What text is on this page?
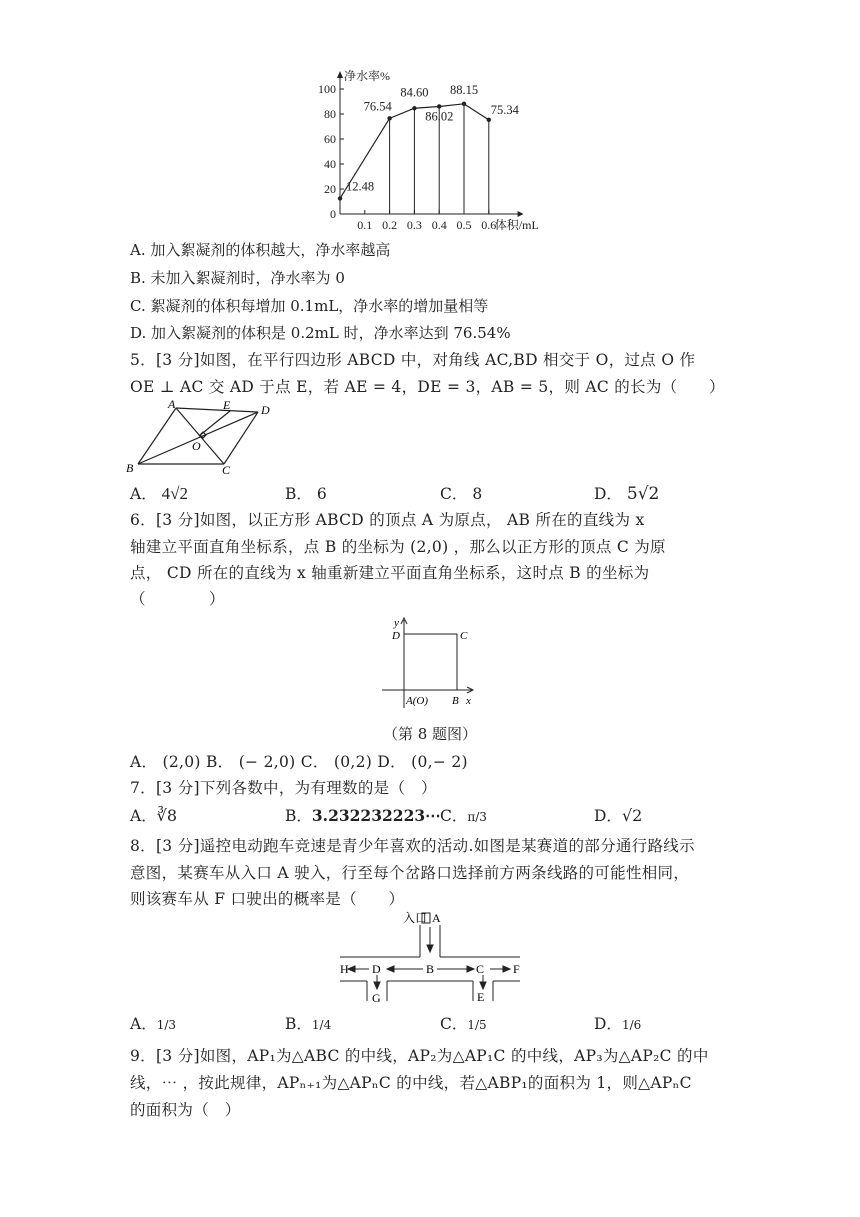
0
20
40
60
80
100
0.1 0.2 0.3 0.4 0.5 0.6
净水率%
体积/mL
12.48
76.54
84.60
86.02
88.15
75.34
A. 加入絮凝剂的体积越大，净水率越高
B. 未加入絮凝剂时，净水率为 0
C. 絮凝剂的体积每增加 0.1mL，净水率的增加量相等
D. 加入絮凝剂的体积是 0.2mL 时，净水率达到 76.54%
5．[3 分]如图，在平行四边形 ABCD 中，对角线 AC,BD 相交于 O，过点 O 作
OE ⊥ AC 交 AD 于点 E，若 AE = 4，DE = 3，AB = 5，则 AC 的长为（　　）
A	E	D
B
O
C
A． 4√2	B． 6	C． 8	D． 5√2
6．[3 分]如图，以正方形 ABCD 的顶点 A 为原点， AB 所在的直线为 x
轴建立平面直角坐标系，点 B 的坐标为 (2,0) ，那么以正方形的顶点 C 为原
点， CD 所在的直线为 x 轴重新建立平面直角坐标系，这时点 B 的坐标为
（　　　　）
y
D	C
A(O) B x
（第 8 题图）
A． (2,0) B． (− 2,0) C． (0,2) D． (0,− 2)
7．[3 分]下列各数中，为有理数的是（　）
A．∛8	B．3.232232223⋯ C．π/3	D．√2
8．[3 分]遥控电动跑车竞速是青少年喜欢的活动.如图是某赛道的部分通行路线示
意图，某赛车从入口 A 驶入，行至每个岔路口选择前方两条线路的可能性相同，
则该赛车从 F 口驶出的概率是（　　）
入口 A
B	C
D
E
F
G
H
A．1/3	B．1/4	C．1/5	D．1/6
9．[3 分]如图，AP₁为△ABC 的中线，AP₂为△AP₁C 的中线，AP₃为△AP₂C 的中
线，⋯ ，按此规律，APₙ₊₁为△APₙC 的中线，若△ABP₁的面积为 1，则△APₙC
的面积为（　）
